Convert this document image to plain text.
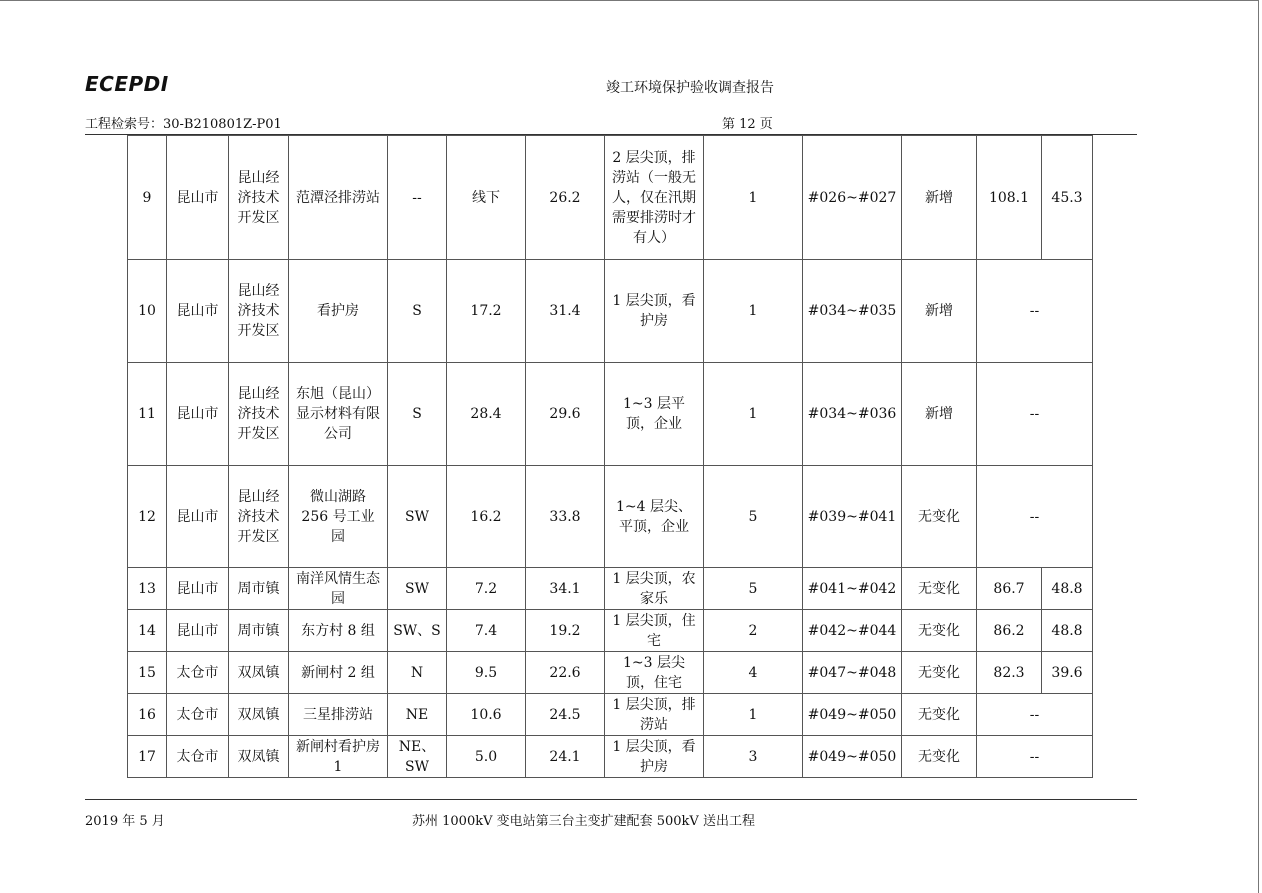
ECEPDI	竣工环境保护验收调查报告
工程检索号：30-B210801Z-P01	第 12 页
9	昆山市	昆山经济技术开发区	范潭泾排涝站	--	线下	26.2	2 层尖顶，排涝站（一般无人，仅在汛期需要排涝时才有人）	1	#026~#027	新增	108.1	45.3
10	昆山市	昆山经济技术开发区	看护房	S	17.2	31.4	1 层尖顶，看护房	1	#034~#035	新增	--	
11	昆山市	昆山经济技术开发区	东旭（昆山）显示材料有限公司	S	28.4	29.6	1~3 层平顶，企业	1	#034~#036	新增	--	
12	昆山市	昆山经济技术开发区	微山湖路 256 号工业园	SW	16.2	33.8	1~4 层尖、平顶，企业	5	#039~#041	无变化	--	
13	昆山市	周市镇	南洋风情生态园	SW	7.2	34.1	1 层尖顶，农家乐	5	#041~#042	无变化	86.7	48.8
14	昆山市	周市镇	东方村 8 组	SW、S	7.4	19.2	1 层尖顶，住宅	2	#042~#044	无变化	86.2	48.8
15	太仓市	双凤镇	新闸村 2 组	N	9.5	22.6	1~3 层尖顶，住宅	4	#047~#048	无变化	82.3	39.6
16	太仓市	双凤镇	三星排涝站	NE	10.6	24.5	1 层尖顶，排涝站	1	#049~#050	无变化	--	
17	太仓市	双凤镇	新闸村看护房 1	NE、SW	5.0	24.1	1 层尖顶，看护房	3	#049~#050	无变化	--	
2019 年 5 月	苏州 1000kV 变电站第三台主变扩建配套 500kV 送出工程
